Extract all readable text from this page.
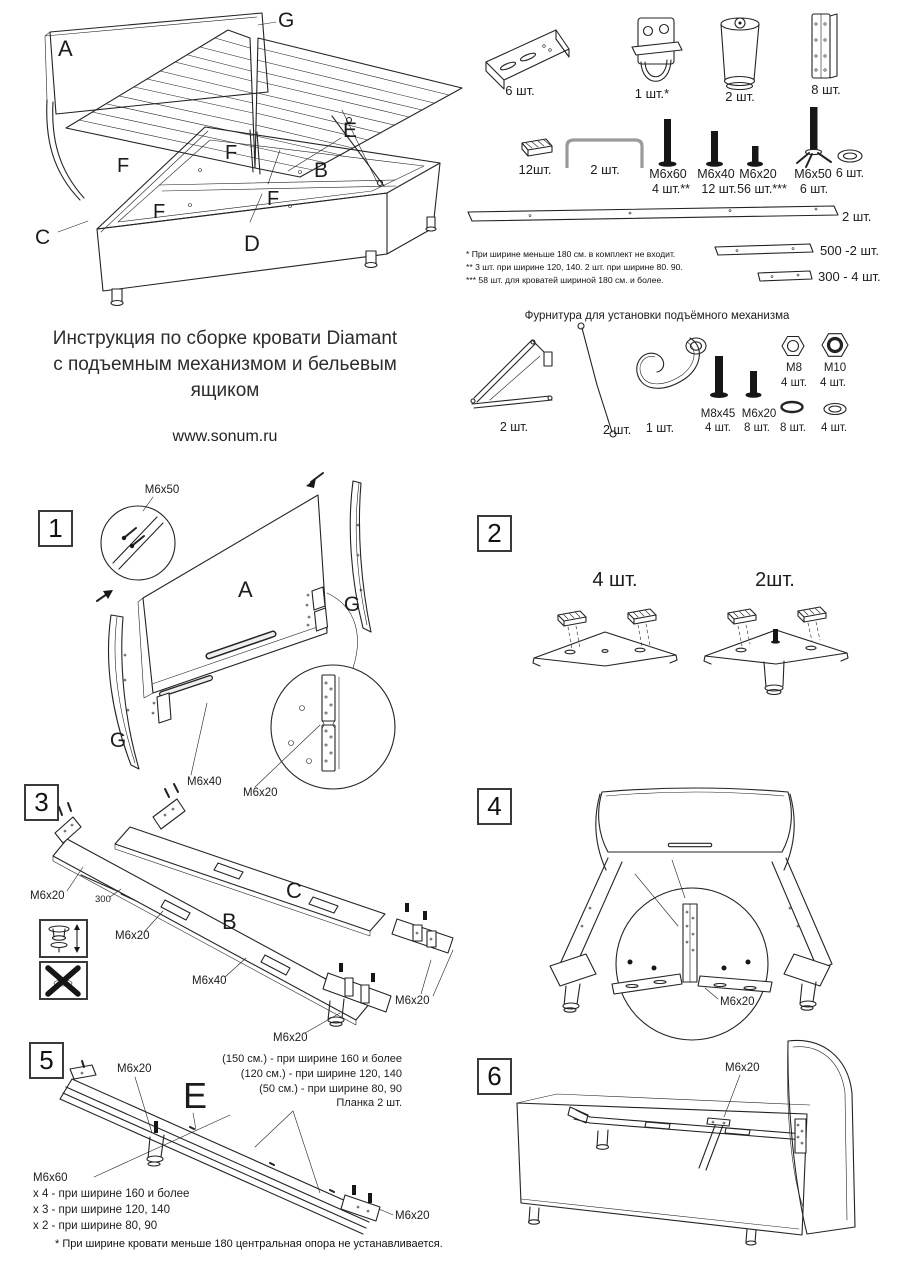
G
A
E
B
C	D
F
F
F
F
6 шт.	1 шт.*	2 шт.	8 шт.
12шт.	2 шт. M6x60
4 шт.**
M6x40
12 шт.
M6x20
56 шт.***
M6x50
6 шт.
6 шт.
2 шт.
500 -2 шт.
300 - 4 шт.
* При ширине меньше 180 см. в комплект не входит.
** 3 шт. при ширине 120, 140. 2 шт. при ширине 80. 90.
*** 58 шт. для кроватей шириной 180 см. и более.
Фурнитура для установки подъёмного механизма
2 шт.	2 шт. 1 шт.
M8x45
4 шт.
M6x20
8 шт.
M8
4 шт.
M10
4 шт.
8 шт. 4 шт.
Инструкция по сборке кровати Diamant
с подъемным механизмом и бельевым ящиком
www.sonum.ru
1	2
3	4
5
6
M6x50
A
G
G
M6x40
M6x20
4 шт.	2шт.
M6x20	300
M6x20
B
C
M6x40
M6x20
M6x20	M6x20
M6x20
E
(150 см.) - при ширине 160 и более
(120 см.) - при ширине 120, 140
(50 см.) - при ширине 80, 90
Планка 2 шт.
M6x60
x 4 - при ширине 160 и более
x 3 - при ширине 120, 140
x 2 - при ширине 80, 90
M6x20
M6x20
* При ширине кровати меньше 180 центральная опора не устанавливается.
